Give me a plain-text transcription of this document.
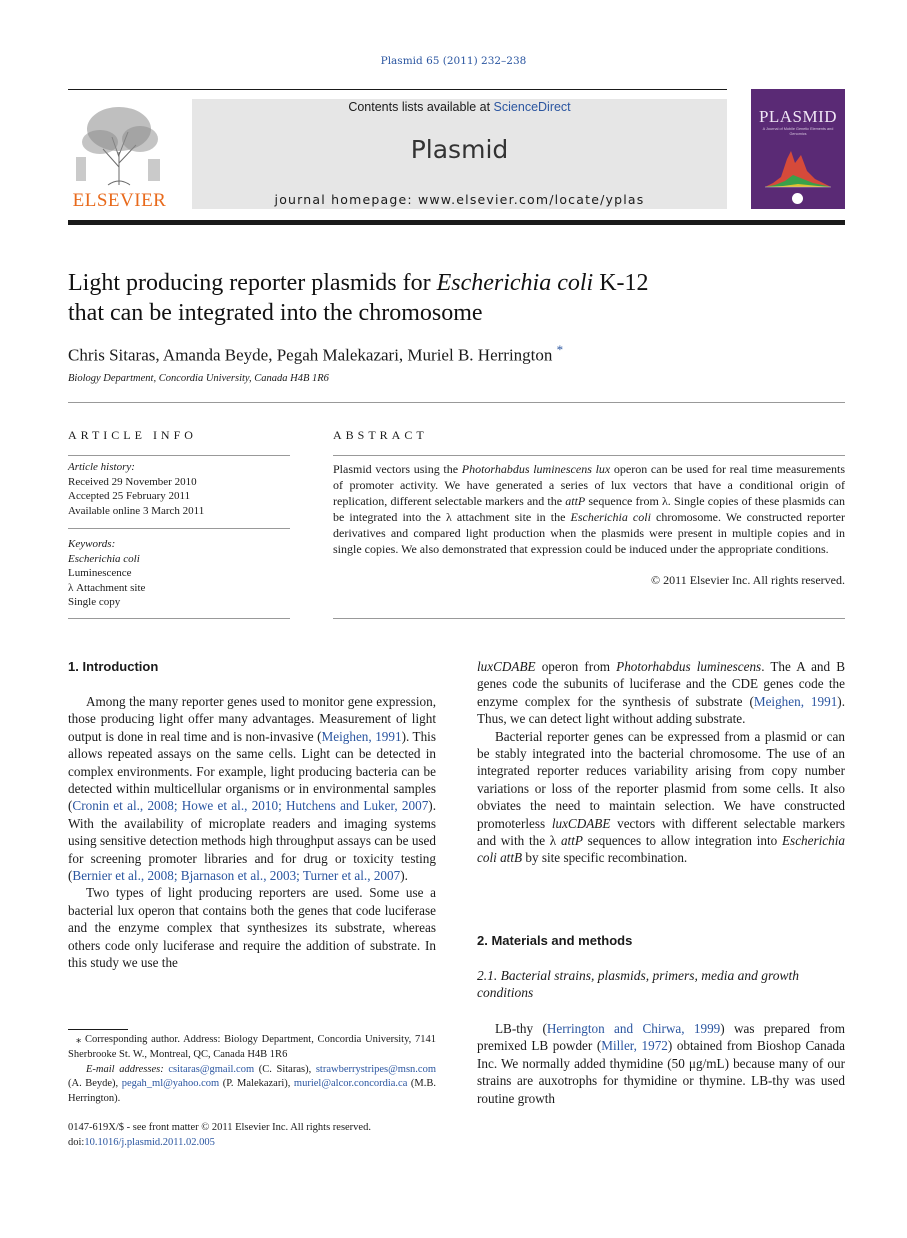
Plasmid 65 (2011) 232–238
ELSEVIER
Contents lists available at ScienceDirect
Plasmid
journal homepage: www.elsevier.com/locate/yplas
PLASMID
A Journal of Mobile Genetic Elements and Genomics
Light producing reporter plasmids for Escherichia coli K-12
that can be integrated into the chromosome
Chris Sitaras, Amanda Beyde, Pegah Malekazari, Muriel B. Herrington *
Biology Department, Concordia University, Canada H4B 1R6
ARTICLE INFO	ABSTRACT
Article history:
Received 29 November 2010
Accepted 25 February 2011
Available online 3 March 2011
Keywords:
Escherichia coli
Luminescence
λ Attachment site
Single copy
Plasmid vectors using the Photorhabdus luminescens lux operon can be used for real time measurements of promoter activity. We have generated a series of lux vectors that have a conditional origin of replication, different selectable markers and the attP sequence from λ. Single copies of these plasmids can be integrated into the λ attachment site in the Escherichia coli chromosome. We constructed reporter derivatives and compared light production when the plasmids were present in multiple copies and in single copies. We also demonstrated that expression could be induced under the appropriate conditions.
© 2011 Elsevier Inc. All rights reserved.
1. Introduction

Among the many reporter genes used to monitor gene expression, those producing light offer many advantages. Measurement of light output is done in real time and is non-invasive (Meighen, 1991). This allows repeated assays on the same cells. Light can be detected in complex environments. For example, light producing bacteria can be detected within multicellular organisms or in environmental samples (Cronin et al., 2008; Howe et al., 2010; Hutchens and Luker, 2007). With the availability of microplate readers and imaging systems using sensitive detection methods high throughput assays can be used for screening promoter libraries and for drug or toxicity testing (Bernier et al., 2008; Bjarnason et al., 2003; Turner et al., 2007).

Two types of light producing reporters are used. Some use a bacterial lux operon that contains both the genes that code luciferase and the enzyme complex that synthesizes its substrate, whereas others code only luciferase and require the addition of substrate. In this study we use the

⁎ Corresponding author. Address: Biology Department, Concordia University, 7141 Sherbrooke St. W., Montreal, QC, Canada H4B 1R6
E-mail addresses: csitaras@gmail.com (C. Sitaras), strawberrystripes@msn.com (A. Beyde), pegah_ml@yahoo.com (P. Malekazari), muriel@alcor.concordia.ca (M.B. Herrington).
0147-619X/$ - see front matter © 2011 Elsevier Inc. All rights reserved.
doi:10.1016/j.plasmid.2011.02.005

luxCDABE operon from Photorhabdus luminescens. The A and B genes code the subunits of luciferase and the CDE genes code the enzyme complex for the synthesis of substrate (Meighen, 1991). Thus, we can detect light without adding substrate.

Bacterial reporter genes can be expressed from a plasmid or can be stably integrated into the bacterial chromosome. The use of an integrated reporter reduces variability arising from copy number variations or loss of the reporter plasmid from some cells. It also obviates the need to maintain selection. We have constructed promoterless luxCDABE vectors with different selectable markers and with the λ attP sequences to allow integration into Escherichia coli attB by site specific recombination.

2. Materials and methods
2.1. Bacterial strains, plasmids, primers, media and growth conditions

LB-thy (Herrington and Chirwa, 1999) was prepared from premixed LB powder (Miller, 1972) obtained from Bioshop Canada Inc. We normally added thymidine (50 μg/mL) because many of our strains are auxotrophs for thymidine or thymine. LB-thy was used routine growth
